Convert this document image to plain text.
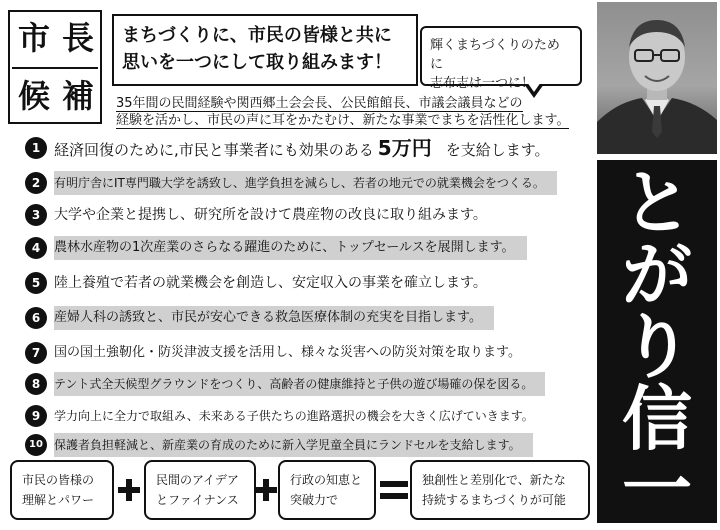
市 長
候 補
まちづくりに、市民の皆様と共に
思いを一つにして取り組みます！
輝くまちづくりのために
志布志は一つに！
35年間の民間経験や関西郷土会会長、公民館館長、市議会議員などの
経験を活かし、市民の声に耳をかたむけ、新たな事業でまちを活性化します。
と
が
り
信
一
1 経済回復のために,市民と事業者にも効果のある 5万円 を支給します。
2	有明庁舎にIT専門職大学を誘致し、進学負担を減らし、若者の地元での就業機会をつくる。
3 大学や企業と提携し、研究所を設けて農産物の改良に取り組みます。
4	農林水産物の1次産業のさらなる躍進のために、トップセールスを展開します。
5 陸上養殖で若者の就業機会を創造し、安定収入の事業を確立します。
6	産婦人科の誘致と、市民が安心できる救急医療体制の充実を目指します。
7	国の国土強靭化・防災津波支援を活用し、様々な災害への防災対策を取ります。
8	テント式全天候型グラウンドをつくり、高齢者の健康維持と子供の遊び場確の保を図る。
9	学力向上に全力で取組み、未来ある子供たちの進路選択の機会を大きく広げていきます。
10 保護者負担軽減と、新産業の育成のために新入学児童全員にランドセルを支給します。
市民の皆様の
理解とパワー
民間のアイデア
とファイナンス
行政の知恵と
突破力で
独創性と差別化で、新たな
持続するまちづくりが可能
